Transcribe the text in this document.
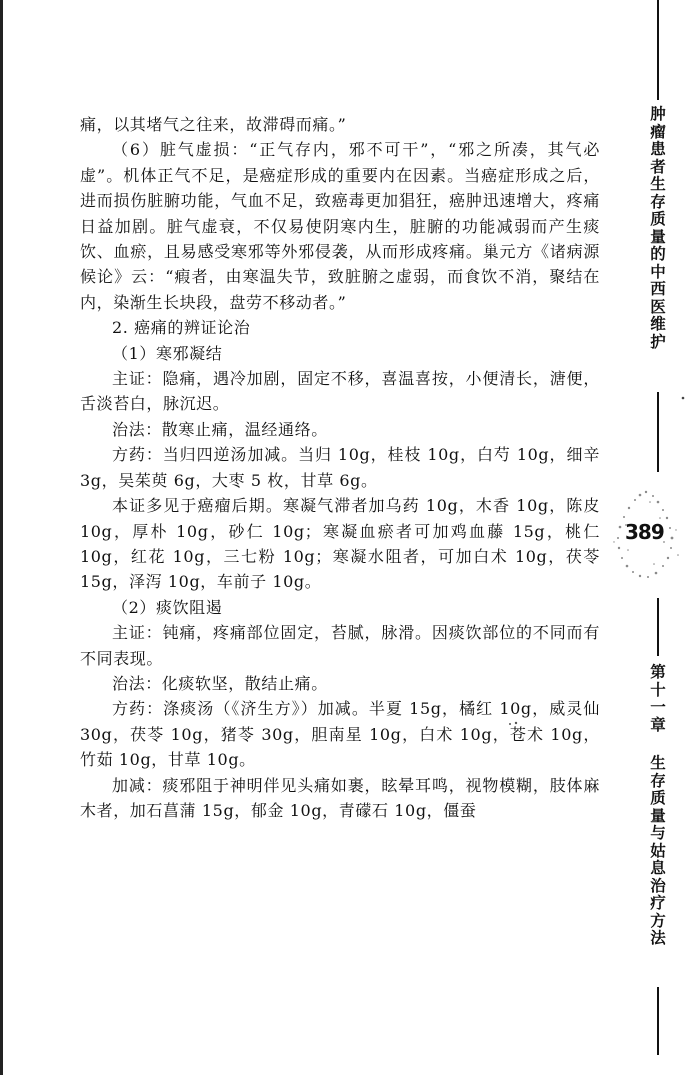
痛，以其堵气之往来，故滞碍而痛。”

（6）脏气虚损：“正气存内，邪不可干”，“邪之所凑，其气必虚”。机体正气不足，是癌症形成的重要内在因素。当癌症形成之后，进而损伤脏腑功能，气血不足，致癌毒更加猖狂，癌肿迅速增大，疼痛日益加剧。脏气虚衰，不仅易使阴寒内生，脏腑的功能减弱而产生痰饮、血瘀，且易感受寒邪等外邪侵袭，从而形成疼痛。巢元方《诸病源候论》云：“瘕者，由寒温失节，致脏腑之虚弱，而食饮不消，聚结在内，染渐生长块段，盘劳不移动者。”

2. 癌痛的辨证论治

（1）寒邪凝结

主证：隐痛，遇冷加剧，固定不移，喜温喜按，小便清长，溏便，舌淡苔白，脉沉迟。

治法：散寒止痛，温经通络。

方药：当归四逆汤加减。当归 10g，桂枝 10g，白芍 10g，细辛 3g，吴茱萸 6g，大枣 5 枚，甘草 6g。

本证多见于癌瘤后期。寒凝气滞者加乌药 10g，木香 10g，陈皮 10g，厚朴 10g，砂仁 10g；寒凝血瘀者可加鸡血藤 15g，桃仁 10g，红花 10g，三七粉 10g；寒凝水阻者，可加白术 10g，茯苓 15g，泽泻 10g，车前子 10g。

（2）痰饮阻遏

主证：钝痛，疼痛部位固定，苔腻，脉滑。因痰饮部位的不同而有不同表现。

治法：化痰软坚，散结止痛。

方药：涤痰汤（《济生方》）加减。半夏 15g，橘红 10g，威灵仙 30g，茯苓 10g，猪苓 30g，胆南星 10g，白术 10g，苍术 10g，竹茹 10g，甘草 10g。

加减：痰邪阻于神明伴见头痛如裹，眩晕耳鸣，视物模糊，肢体麻木者，加石菖蒲 15g，郁金 10g，青礞石 10g，僵蚕

肿瘤患者生存质量的中西医维护
389
第十一章
生存质量与姑息治疗方法
